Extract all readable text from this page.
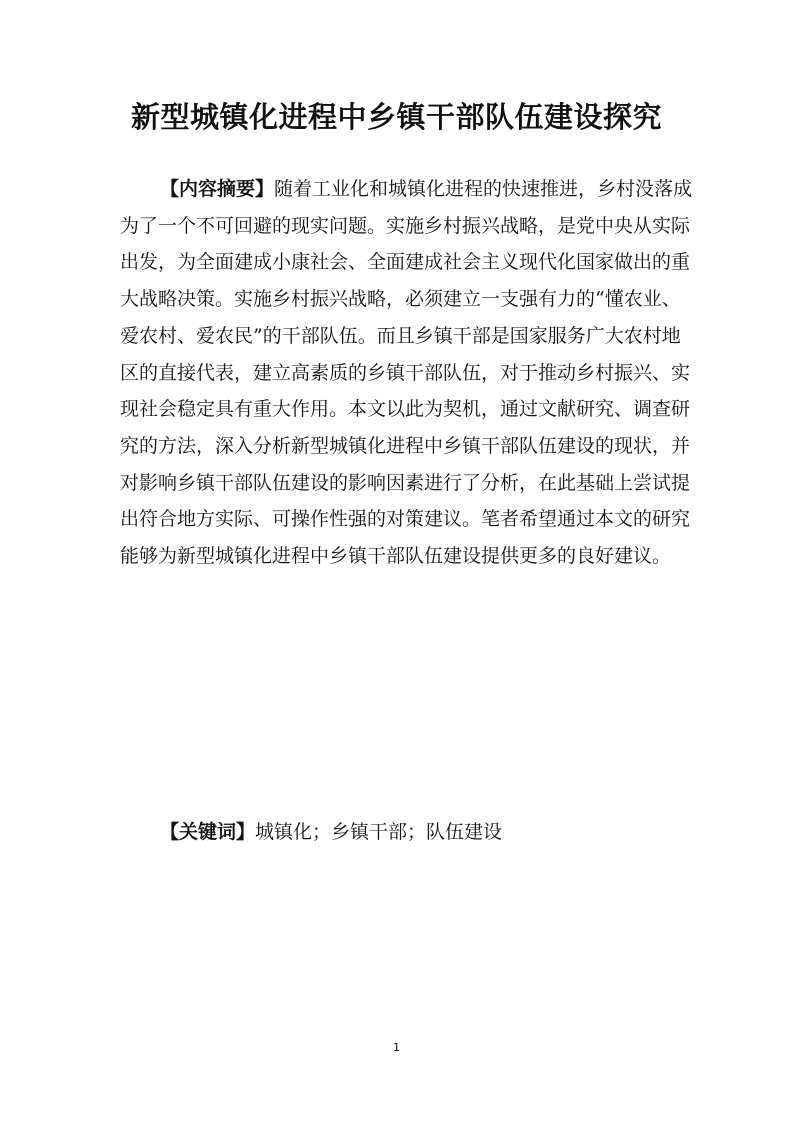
新型城镇化进程中乡镇干部队伍建设探究
【内容摘要】随着工业化和城镇化进程的快速推进，乡村没落成
为了一个不可回避的现实问题。实施乡村振兴战略，是党中央从实际
出发，为全面建成小康社会、全面建成社会主义现代化国家做出的重
大战略决策。实施乡村振兴战略，必须建立一支强有力的“懂农业、
爱农村、爱农民”的干部队伍。而且乡镇干部是国家服务广大农村地
区的直接代表，建立高素质的乡镇干部队伍，对于推动乡村振兴、实
现社会稳定具有重大作用。本文以此为契机，通过文献研究、调查研
究的方法，深入分析新型城镇化进程中乡镇干部队伍建设的现状，并
对影响乡镇干部队伍建设的影响因素进行了分析，在此基础上尝试提
出符合地方实际、可操作性强的对策建议。笔者希望通过本文的研究
能够为新型城镇化进程中乡镇干部队伍建设提供更多的良好建议。
【关键词】城镇化；乡镇干部；队伍建设
1
